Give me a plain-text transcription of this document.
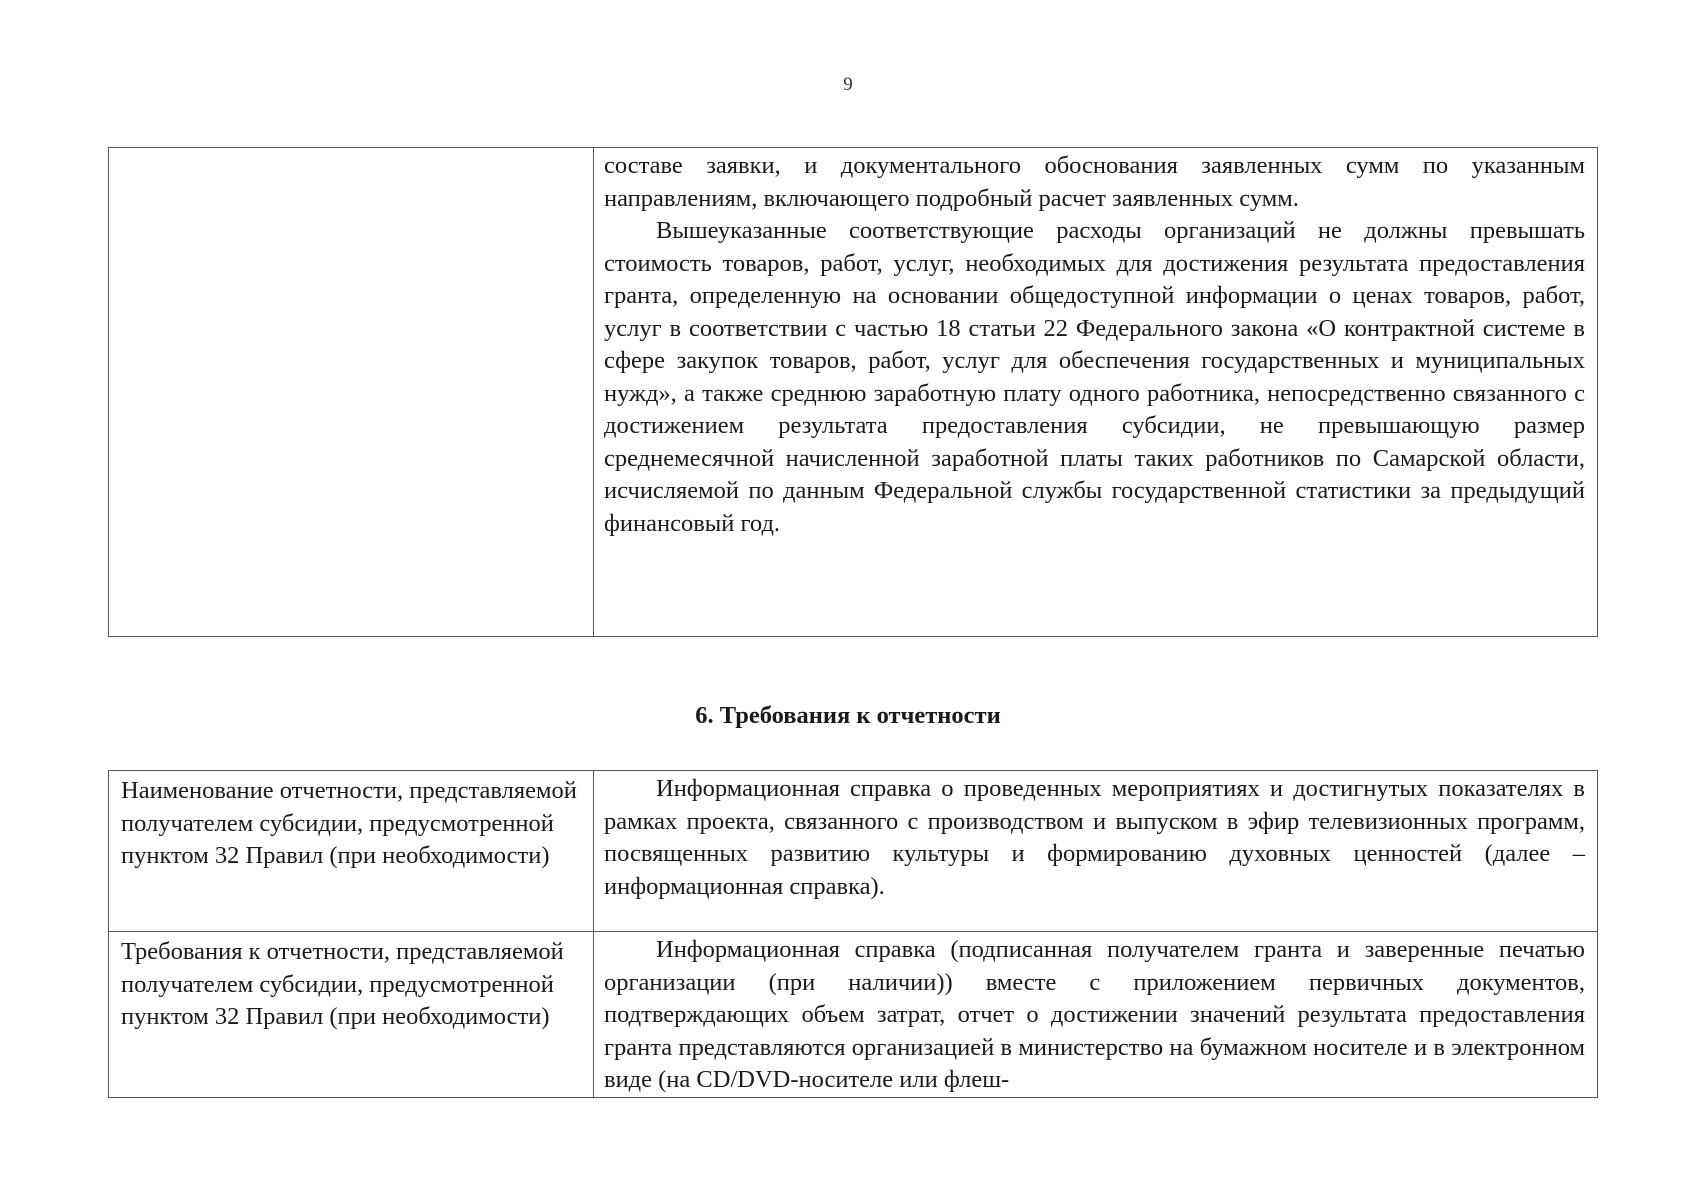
9

составе заявки, и документального обоснования заявленных сумм по указанным направлениям, включающего подробный расчет заявленных сумм.

Вышеуказанные соответствующие расходы организаций не должны превышать стоимость товаров, работ, услуг, необходимых для достижения результата предоставления гранта, определенную на основании общедоступной информации о ценах товаров, работ, услуг в соответствии с частью 18 статьи 22 Федерального закона «О контрактной системе в сфере закупок товаров, работ, услуг для обеспечения государственных и муниципальных нужд», а также среднюю заработную плату одного работника, непосредственно связанного с достижением результата предоставления субсидии, не превышающую размер среднемесячной начисленной заработной платы таких работников по Самарской области, исчисляемой по данным Федеральной службы государственной статистики за предыдущий финансовый год.

6. Требования к отчетности
Наименование отчетности, представляемой получателем субсидии, предусмотренной пунктом 32 Правил (при необходимости)	Информационная справка о проведенных мероприятиях и достигнутых показателях в рамках проекта, связанного с производством и выпуском в эфир телевизионных программ, посвященных развитию культуры и формированию духовных ценностей (далее – информационная справка).

Требования к отчетности, представляемой получателем субсидии, предусмотренной пунктом 32 Правил (при необходимости)	Информационная справка (подписанная получателем гранта и заверенные печатью организации (при наличии)) вместе с приложением первичных документов, подтверждающих объем затрат, отчет о достижении значений результата предоставления гранта представляются организацией в министерство на бумажном носителе и в электронном виде (на CD/DVD-носителе или флеш-
